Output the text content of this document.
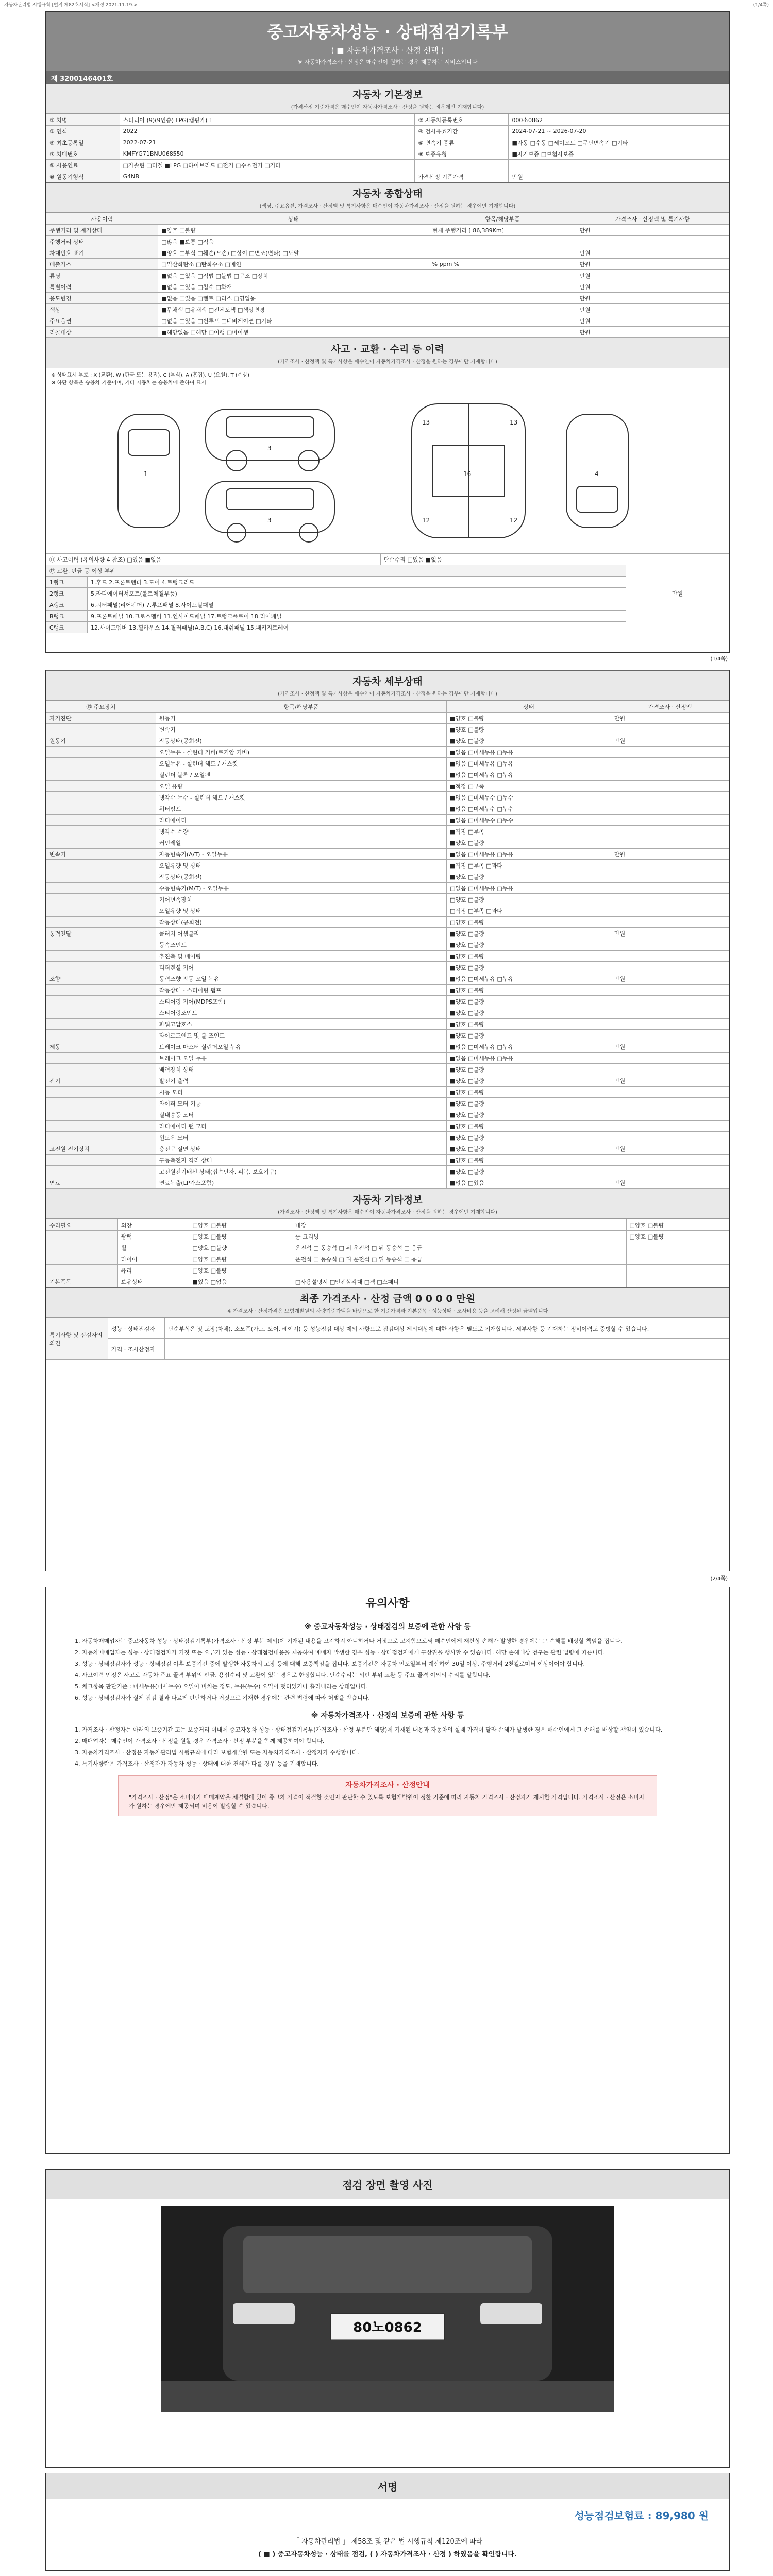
자동차관리법 시행규칙 [별지 제82호서식] <개정 2021.11.19.>	(1/4쪽)
중고자동차성능 · 상태점검기록부
( ■ 자동차가격조사 · 산정 선택 )
※ 자동차가격조사 · 산정은 매수인이 원하는 경우 제공하는 서비스입니다
제 3200146401호
자동차 기본정보
(가격산정 기준가격은 매수인이 자동차가격조사 · 산정을 원하는 경우에만 기재합니다)
① 차명	스타리아 (9)(9인승) LPG(캠핑카) 1	② 자동차등록번호	000소0862
③ 연식	2022	④ 검사유효기간	2024-07-21 ~ 2026-07-20
⑤ 최초등록일	2022-07-21	⑥ 변속기 종류	■자동 □수동 □세미오토 □무단변속기 □기타
⑦ 차대번호	KMFYG71BNU068550	⑧ 보증유형	■자가보증 □보험사보증
⑨ 사용연료	□가솔린 □디젤 ■LPG □하이브리드 □전기 □수소전기 □기타		
⑩ 원동기형식	G4NB	가격산정 기준가격	만원
자동차 종합상태
(색상, 주요옵션, 가격조사 · 산정액 및 특기사항은 매수인이 자동차가격조사 · 산정을 원하는 경우에만 기재합니다)
사용이력	상태	항목/해당부품	가격조사 · 산정액 및 특기사항
주행거리 및 계기상태	■양호 □불량	현재 주행거리 [ 86,389Km]	만원
주행거리 상태	□많음 ■보통 □적음		
차대번호 표기	■양호 □부식 □훼손(오손) □상이 □변조(변타) □도말		만원
배출가스	□일산화탄소 □탄화수소 □매연	% ppm %	만원
튜닝	■없음 □있음 □적법 □불법 □구조 □장치		만원
특별이력	■없음 □있음 □침수 □화재		만원
용도변경	■없음 □있음 □렌트 □리스 □영업용		만원
색상	■무채색 □유채색 □전체도색 □색상변경		만원
주요옵션	□없음 □있음 □썬루프 □네비게이션 □기타		만원
리콜대상	■해당없음 □해당 □이행 □미이행		만원
사고 · 교환 · 수리 등 이력
(가격조사 · 산정액 및 특기사항은 매수인이 자동차가격조사 · 산정을 원하는 경우에만 기재합니다)
※ 상태표시 부호 : X (교환), W (판금 또는 용접), C (부식), A (흠집), U (요철), T (손상)
※ 하단 항목은 승용차 기준이며, 기타 자동차는 승용차에 준하여 표시
1
3
3
16
13	13
12	12
4
⑪ 사고이력 (유의사항 4 참조) □있음 ■없음		단순수리 □있음 ■없음	만원
⑫ 교환, 판금 등 이상 부위			
1랭크	1.후드 2.프론트펜더 3.도어 4.트렁크리드		
2랭크	5.라디에이터서포트(볼트체결부품)		
A랭크	6.쿼터패널(리어펜더) 7.루프패널 8.사이드실패널		
B랭크	9.프론트패널 10.크로스멤버 11.인사이드패널 17.트렁크플로어 18.리어패널		
C랭크	12.사이드멤버 13.휠하우스 14.필러패널(A,B,C) 16.대쉬패널 15.패키지트레이		
(1/4쪽)
자동차 세부상태
(가격조사 · 산정액 및 특기사항은 매수인이 자동차가격조사 · 산정을 원하는 경우에만 기재합니다)
⑬ 주요장치	항목/해당부품	상태	가격조사 · 산정액
자기진단	원동기	■양호 □불량	만원
	변속기	■양호 □불량	
원동기	작동상태(공회전)	■양호 □불량	만원
	오일누유 - 실린더 커버(로커암 커버)	■없음 □미세누유 □누유	
	오일누유 - 실린더 헤드 / 개스킷	■없음 □미세누유 □누유	
	실린더 블록 / 오일팬	■없음 □미세누유 □누유	
	오일 유량	■적정 □부족	
	냉각수 누수 - 실린더 헤드 / 개스킷	■없음 □미세누수 □누수	
	워터펌프	■없음 □미세누수 □누수	
	라디에이터	■없음 □미세누수 □누수	
	냉각수 수량	■적정 □부족	
	커먼레일	■양호 □불량	
변속기	자동변속기(A/T) - 오일누유	■없음 □미세누유 □누유	만원
	오일유량 및 상태	■적정 □부족 □과다	
	작동상태(공회전)	■양호 □불량	
	수동변속기(M/T) - 오일누유	□없음 □미세누유 □누유	
	기어변속장치	□양호 □불량	
	오일유량 및 상태	□적정 □부족 □과다	
	작동상태(공회전)	□양호 □불량	
동력전달	클러치 어셈블리	■양호 □불량	만원
	등속조인트	■양호 □불량	
	추진축 및 베어링	■양호 □불량	
	디퍼렌셜 기어	■양호 □불량	
조향	동력조향 작동 오일 누유	■없음 □미세누유 □누유	만원
	작동상태 - 스티어링 펌프	■양호 □불량	
	스티어링 기어(MDPS포함)	■양호 □불량	
	스티어링조인트	■양호 □불량	
	파워고압호스	■양호 □불량	
	타이로드엔드 및 볼 조인트	■양호 □불량	
제동	브레이크 마스터 실린더오일 누유	■없음 □미세누유 □누유	만원
	브레이크 오일 누유	■없음 □미세누유 □누유	
	배력장치 상태	■양호 □불량	
전기	발전기 출력	■양호 □불량	만원
	시동 모터	■양호 □불량	
	와이퍼 모터 기능	■양호 □불량	
	실내송풍 모터	■양호 □불량	
	라디에이터 팬 모터	■양호 □불량	
	윈도우 모터	■양호 □불량	
고전원 전기장치	충전구 절연 상태	■양호 □불량	만원
	구동축전지 격리 상태	■양호 □불량	
	고전원전기배선 상태(접속단자, 피복, 보호기구)	■양호 □불량	
연료	연료누출(LP가스포함)	■없음 □있음	만원
자동차 기타정보
(가격조사 · 산정액 및 특기사항은 매수인이 자동차가격조사 · 산정을 원하는 경우에만 기재합니다)
수리필요	외장	□양호 □불량	내장	□양호 □불량
	광택	□양호 □불량	룸 크리닝	□양호 □불량
	휠	□양호 □불량	운전석 □ 동승석 □ 뒤 운전석 □ 뒤 동승석 □ 응급	
	타이어	□양호 □불량	운전석 □ 동승석 □ 뒤 운전석 □ 뒤 동승석 □ 응급	
	유리	□양호 □불량		
기본품목	보유상태	■있음 □없음	□사용설명서 □안전삼각대 □잭 □스패너	
최종 가격조사 · 산정 금액 0 0 0 0 만원
※ 가격조사 · 산정가격은 보험개발원의 차량기준가액을 바탕으로 한 기준가격과 기본품목 · 성능상태 · 조사비용 등을 고려해 산정된 금액입니다
특기사항 및 점검자의 의견	성능 · 상태점검자	단순부식은 및 도장(차체), 소모품(가드, 도어, 레이져) 등 성능점검 대상 제외 사항으로 점검대상 제외대상에 대한 사항은 별도로 기재합니다. 세부사항 등 기재하는 정비이력도 증빙할 수 있습니다.
	가격 · 조사산정자	
(2/4쪽)
유의사항
※ 중고자동차성능 · 상태점검의 보증에 관한 사항 등
1. 자동차매매업자는 중고자동차 성능 · 상태점검기록부(가격조사 · 산정 부분 제외)에 기재된 내용을 고지하지 아니하거나 거짓으로 고지함으로써 매수인에게 재산상 손해가 발생한 경우에는 그 손해를 배상할 책임을 집니다.
2. 자동차매매업자는 성능 · 상태점검자가 거짓 또는 오류가 있는 성능 · 상태점검내용을 제공하여 매매자 발생한 경우 성능 · 상태점검자에게 구상권을 행사할 수 있습니다. 해당 손해배상 청구는 관련 법령에 따릅니다.
3. 성능 · 상태점검자가 성능 · 상태점검 이후 보증기간 중에 발생한 자동차의 고장 등에 대해 보증책임을 집니다. 보증기간은 자동차 인도일부터 계산하여 30일 이상, 주행거리 2천킬로미터 이상이어야 합니다.
4. 사고이력 인정은 사고로 자동차 주요 골격 부위의 판금, 용접수리 및 교환이 있는 경우로 한정합니다. 단순수리는 외판 부위 교환 등 주요 골격 이외의 수리를 말합니다.
5. 체크항목 판단기준 : 미세누유(미세누수) 오일이 비치는 정도, 누유(누수) 오일이 맺혀있거나 흘러내리는 상태입니다.
6. 성능 · 상태점검자가 실제 점검 결과 다르게 판단하거나 거짓으로 기재한 경우에는 관련 법령에 따라 처벌을 받습니다.
※ 자동차가격조사 · 산정의 보증에 관한 사항 등
1. 가격조사 · 산정자는 아래의 보증기간 또는 보증거리 이내에 중고자동차 성능 · 상태점검기록부(가격조사 · 산정 부분만 해당)에 기재된 내용과 자동차의 실제 가격이 달라 손해가 발생한 경우 매수인에게 그 손해를 배상할 책임이 있습니다.
2. 매매업자는 매수인이 가격조사 · 산정을 원할 경우 가격조사 · 산정 부분을 함께 제공하여야 합니다.
3. 자동차가격조사 · 산정은 자동차관리법 시행규칙에 따라 보험개발원 또는 자동차가격조사 · 산정자가 수행합니다.
4. 특기사항란은 가격조사 · 산정자가 자동차 성능 · 상태에 대한 견해가 다를 경우 등을 기재합니다.
자동차가격조사 · 산정안내
"가격조사 · 산정"은 소비자가 매매계약을 체결함에 있어 중고차 가격이 적절한 것인지 판단할 수 있도록 보험개발원이 정한 기준에 따라 자동차 가격조사 · 산정자가 제시한 가격입니다. 가격조사 · 산정은 소비자가 원하는 경우에만 제공되며 비용이 발생할 수 있습니다.
점검 장면 촬영 사진
80노0862
서명
성능점검보험료 : 89,980 원
「 자동차관리법 」 제58조 및 같은 법 시행규칙 제120조에 따라
( ■ ) 중고자동차성능 · 상태를 점검, ( ) 자동차가격조사 · 산정 ) 하였음을 확인합니다.
